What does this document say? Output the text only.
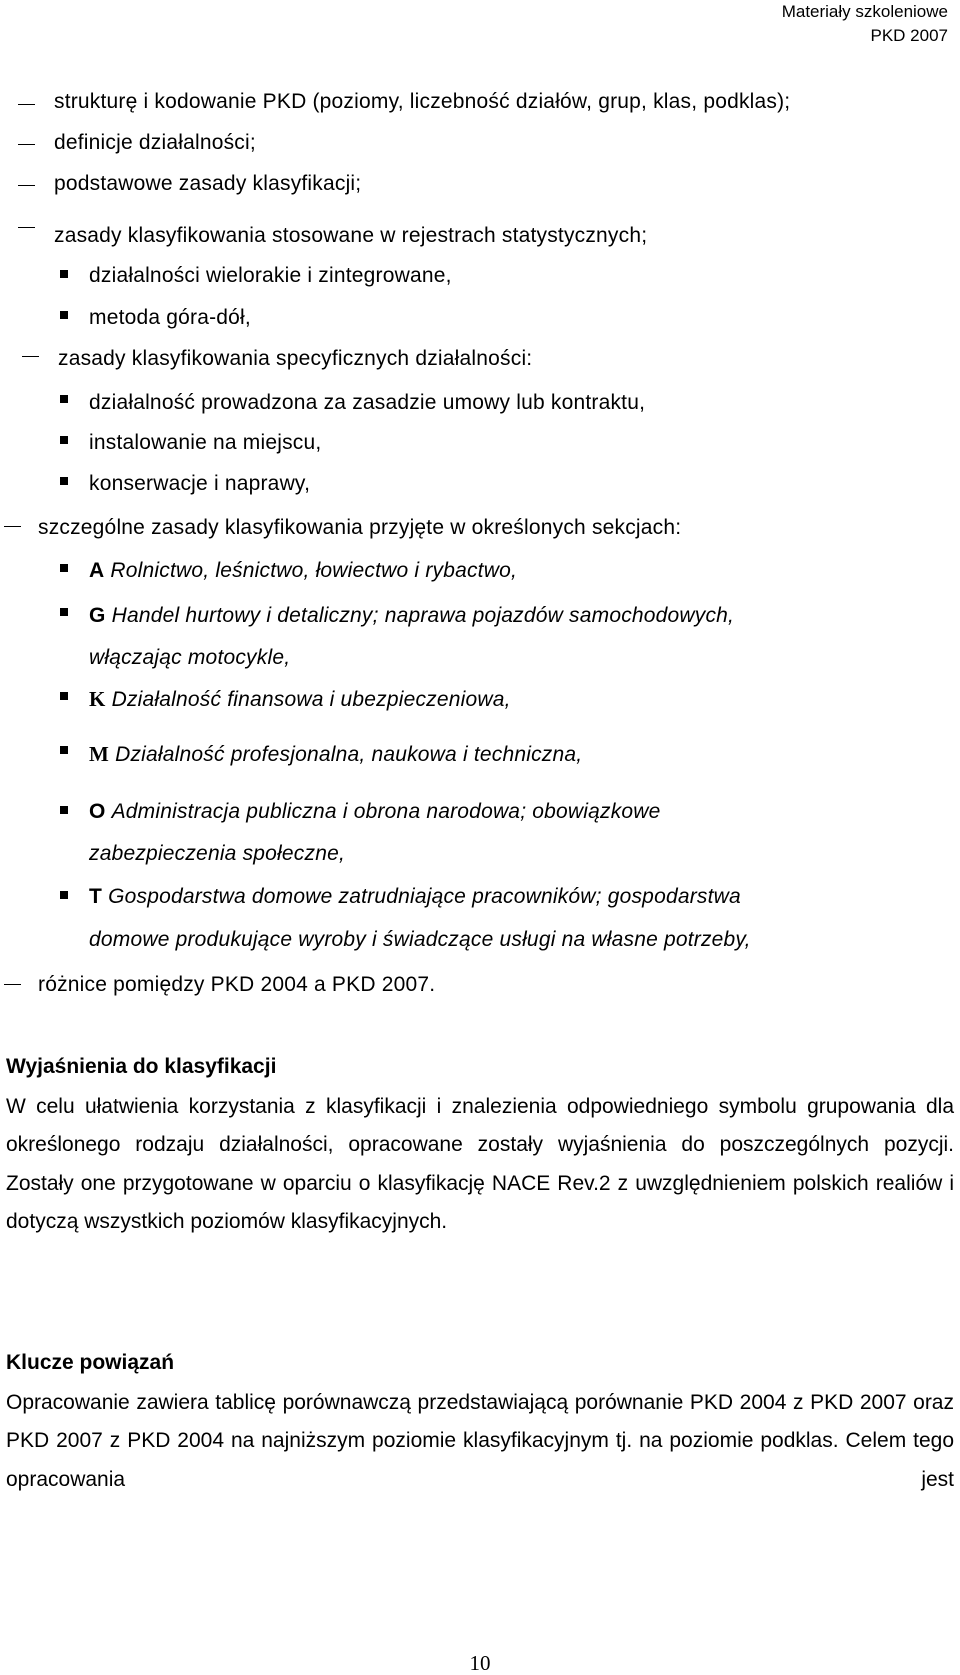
Materiały szkoleniowe
PKD 2007
strukturę i kodowanie PKD (poziomy, liczebność działów, grup, klas, podklas);
definicje działalności;
podstawowe zasady klasyfikacji;
zasady klasyfikowania stosowane w rejestrach statystycznych;
działalności wielorakie i zintegrowane,
metoda góra-dół,
zasady klasyfikowania specyficznych działalności:
działalność prowadzona za zasadzie umowy lub kontraktu,
instalowanie na miejscu,
konserwacje i naprawy,
szczególne zasady klasyfikowania przyjęte w określonych sekcjach:
A Rolnictwo, leśnictwo, łowiectwo i rybactwo,
G Handel hurtowy i detaliczny; naprawa pojazdów samochodowych,
włączając motocykle,
K Działalność finansowa i ubezpieczeniowa,
M Działalność profesjonalna, naukowa i techniczna,
O Administracja publiczna i obrona narodowa; obowiązkowe
zabezpieczenia społeczne,
T Gospodarstwa domowe zatrudniające pracowników; gospodarstwa
domowe produkujące wyroby i świadczące usługi na własne potrzeby,
różnice pomiędzy PKD 2004 a PKD 2007.
Wyjaśnienia do klasyfikacji
W celu ułatwienia korzystania z klasyfikacji i znalezienia odpowiedniego symbolu grupowania dla określonego rodzaju działalności, opracowane zostały wyjaśnienia do poszczególnych pozycji. Zostały one przygotowane w oparciu o klasyfikację NACE Rev.2 z uwzględnieniem polskich realiów i dotyczą wszystkich poziomów klasyfikacyjnych.
Klucze powiązań
Opracowanie zawiera tablicę porównawczą przedstawiającą porównanie PKD 2004 z PKD 2007 oraz PKD 2007 z PKD 2004 na najniższym poziomie klasyfikacyjnym tj. na poziomie podklas. Celem tego opracowania jest
10
